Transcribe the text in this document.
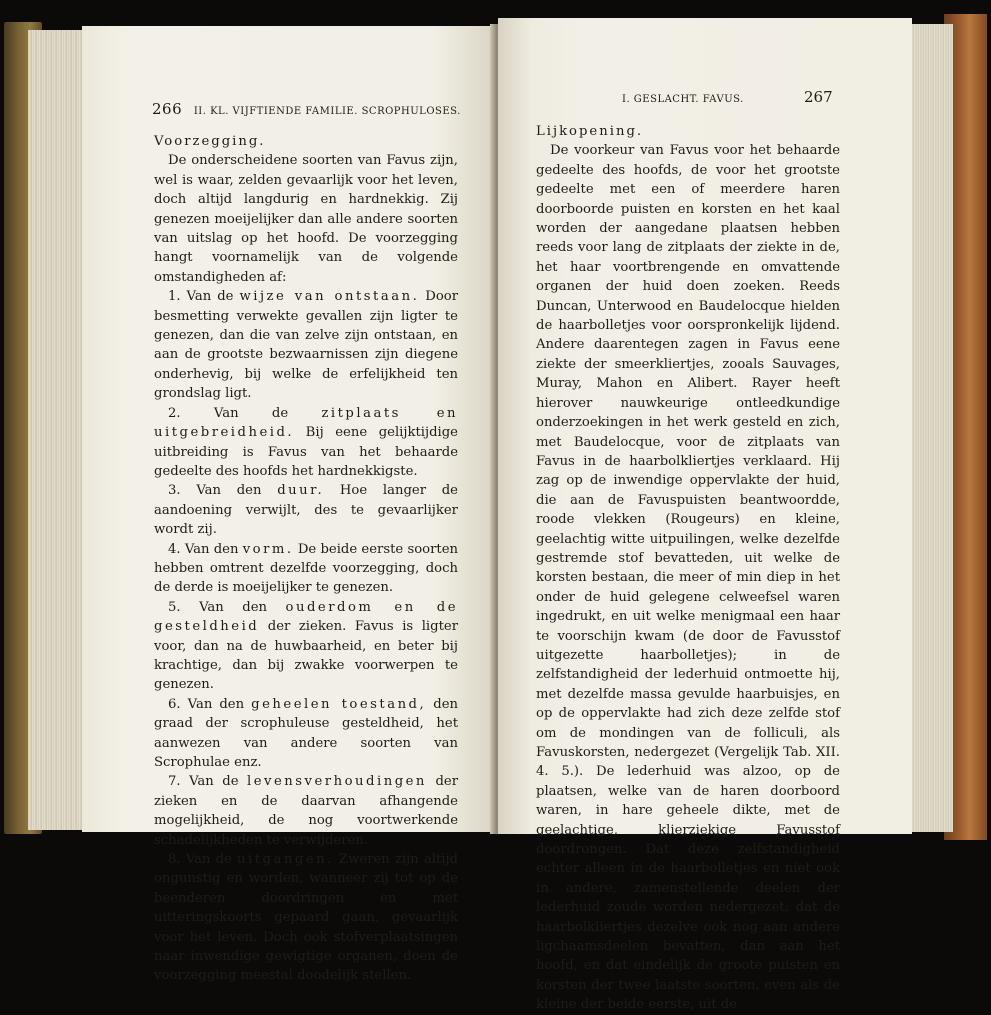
266 II. KL. VIJFTIENDE FAMILIE. SCROPHULOSES.

Voorzegging.

De onderscheidene soorten van Favus zijn, wel is waar, zelden gevaarlijk voor het leven, doch altijd langdurig en hardnekkig. Zij genezen moeijelijker dan alle andere soorten van uitslag op het hoofd. De voorzegging hangt voornamelijk van de volgende omstandigheden af:

1. Van de wijze van ontstaan. Door besmetting verwekte gevallen zijn ligter te genezen, dan die van zelve zijn ontstaan, en aan de grootste bezwaarnissen zijn diegene onderhevig, bij welke de erfelijkheid ten grondslag ligt.

2. Van de zitplaats en uitgebreidheid. Bij eene gelijktijdige uitbreiding is Favus van het behaarde gedeelte des hoofds het hardnekkigste.

3. Van den duur. Hoe langer de aandoening verwijlt, des te gevaarlijker wordt zij.

4. Van den vorm. De beide eerste soorten hebben omtrent dezelfde voorzegging, doch de derde is moeijelijker te genezen.

5. Van den ouderdom en de gesteldheid der zieken. Favus is ligter voor, dan na de huwbaarheid, en beter bij krachtige, dan bij zwakke voorwerpen te genezen.

6. Van den geheelen toestand, den graad der scrophuleuse gesteldheid, het aanwezen van andere soorten van Scrophulae enz.

7. Van de levensverhoudingen der zieken en de daarvan afhangende mogelijkheid, de nog voortwerkende schadelijkheden te verwijderen.

8. Van de uitgangen. Zweren zijn altijd ongunstig en worden, wanneer zij tot op de beenderen doordringen en met uitteringskoorts gepaard gaan, gevaarlijk voor het leven. Doch ook stofverplaatsingen naar inwendige gewigtige organen, doen de voorzegging meestal doodelijk stellen.

I. GESLACHT. FAVUS.	267

Lijkopening.

De voorkeur van Favus voor het behaarde gedeelte des hoofds, de voor het grootste gedeelte met een of meerdere haren doorboorde puisten en korsten en het kaal worden der aangedane plaatsen hebben reeds voor lang de zitplaats der ziekte in de, het haar voortbrengende en omvattende organen der huid doen zoeken. Reeds Duncan, Unterwood en Baudelocque hielden de haarbolletjes voor oorspronkelijk lijdend. Andere daarentegen zagen in Favus eene ziekte der smeerkliertjes, zooals Sauvages, Muray, Mahon en Alibert. Rayer heeft hierover nauwkeurige ontleedkundige onderzoekingen in het werk gesteld en zich, met Baudelocque, voor de zitplaats van Favus in de haarbolkliertjes verklaard. Hij zag op de inwendige oppervlakte der huid, die aan de Favuspuisten beantwoordde, roode vlekken (Rougeurs) en kleine, geelachtig witte uitpuilingen, welke dezelfde gestremde stof bevatteden, uit welke de korsten bestaan, die meer of min diep in het onder de huid gelegene celweefsel waren ingedrukt, en uit welke menigmaal een haar te voorschijn kwam (de door de Favusstof uitgezette haarbolletjes); in de zelfstandigheid der lederhuid ontmoette hij, met dezelfde massa gevulde haarbuisjes, en op de oppervlakte had zich deze zelfde stof om de mondingen van de folliculi, als Favuskorsten, nedergezet (Vergelijk Tab. XII. 4. 5.). De lederhuid was alzoo, op de plaatsen, welke van de haren doorboord waren, in hare geheele dikte, met de geelachtige, klierziekige Favusstof doordrongen. Dat deze zelfstandigheid echter alleen in de haarbolletjes en niet ook in andere, zamenstellende deelen der lederhuid zoude worden nedergezet; dat de haarbolkliertjes dezelve ook nog aan andere ligchaamsdeelen bevatten, dan aan het hoofd, en dat eindelijk de groote puisten en korsten der twee laatste soorten, even als de kleine der beide eerste, uit de
